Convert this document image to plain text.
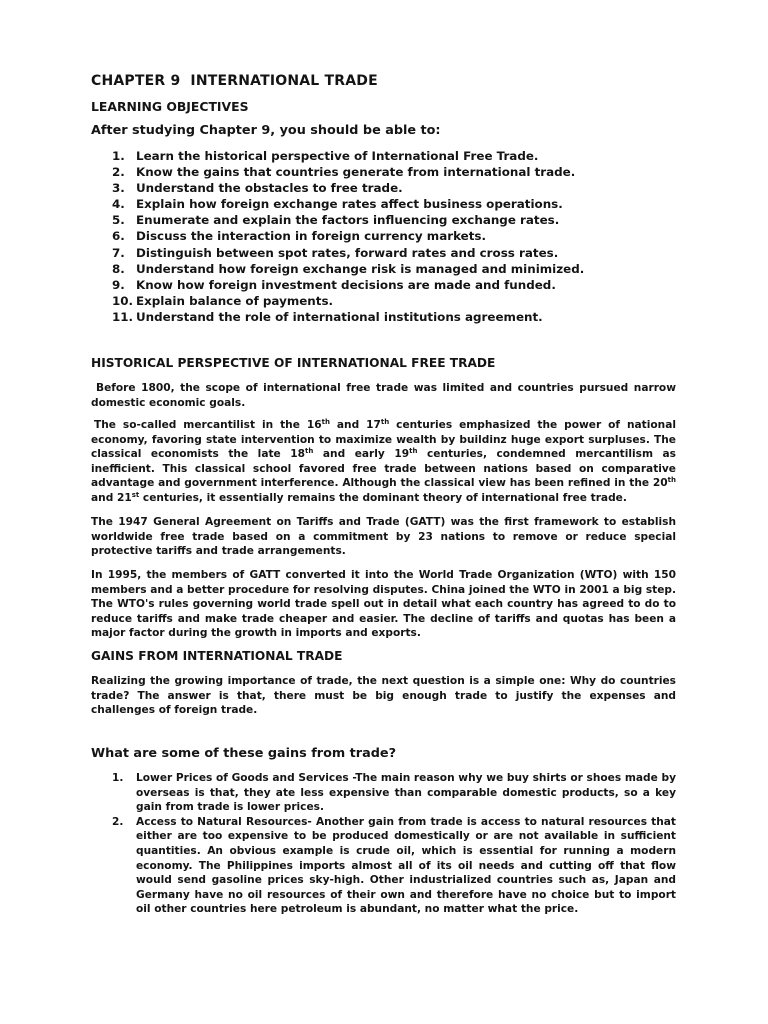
CHAPTER 9 INTERNATIONAL TRADE
LEARNING OBJECTIVES
After studying Chapter 9, you should be able to:
1. Learn the historical perspective of International Free Trade.
2. Know the gains that countries generate from international trade.
3. Understand the obstacles to free trade.
4. Explain how foreign exchange rates affect business operations.
5. Enumerate and explain the factors influencing exchange rates.
6. Discuss the interaction in foreign currency markets.
7. Distinguish between spot rates, forward rates and cross rates.
8. Understand how foreign exchange risk is managed and minimized.
9. Know how foreign investment decisions are made and funded.
10. Explain balance of payments.
11. Understand the role of international institutions agreement.
HISTORICAL PERSPECTIVE OF INTERNATIONAL FREE TRADE

Before 1800, the scope of international free trade was limited and countries pursued narrow domestic economic goals.

The so-called mercantilist in the 16th and 17th centuries emphasized the power of national economy, favoring state intervention to maximize wealth by buildinz huge export surpluses. The classical economists the late 18th and early 19th centuries, condemned mercantilism as inefficient. This classical school favored free trade between nations based on comparative advantage and government interference. Although the classical view has been refined in the 20th and 21st centuries, it essentially remains the dominant theory of international free trade.

The 1947 General Agreement on Tariffs and Trade (GATT) was the first framework to establish worldwide free trade based on a commitment by 23 nations to remove or reduce special protective tariffs and trade arrangements.

In 1995, the members of GATT converted it into the World Trade Organization (WTO) with 150 members and a better procedure for resolving disputes. China joined the WTO in 2001 a big step. The WTO's rules governing world trade spell out in detail what each country has agreed to do to reduce tariffs and make trade cheaper and easier. The decline of tariffs and quotas has been a major factor during the growth in imports and exports.

GAINS FROM INTERNATIONAL TRADE

Realizing the growing importance of trade, the next question is a simple one: Why do countries trade? The answer is that, there must be big enough trade to justify the expenses and challenges of foreign trade.

What are some of these gains from trade?
1.	Lower Prices of Goods and Services -The main reason why we buy shirts or shoes made by overseas is that, they ate less expensive than comparable domestic products, so a key gain from trade is lower prices.
2.	Access to Natural Resources- Another gain from trade is access to natural resources that either are too expensive to be produced domestically or are not available in sufficient quantities. An obvious example is crude oil, which is essential for running a modern economy. The Philippines imports almost all of its oil needs and cutting off that flow would send gasoline prices sky-high. Other industrialized countries such as, Japan and Germany have no oil resources of their own and therefore have no choice but to import oil other countries here petroleum is abundant, no matter what the price.
